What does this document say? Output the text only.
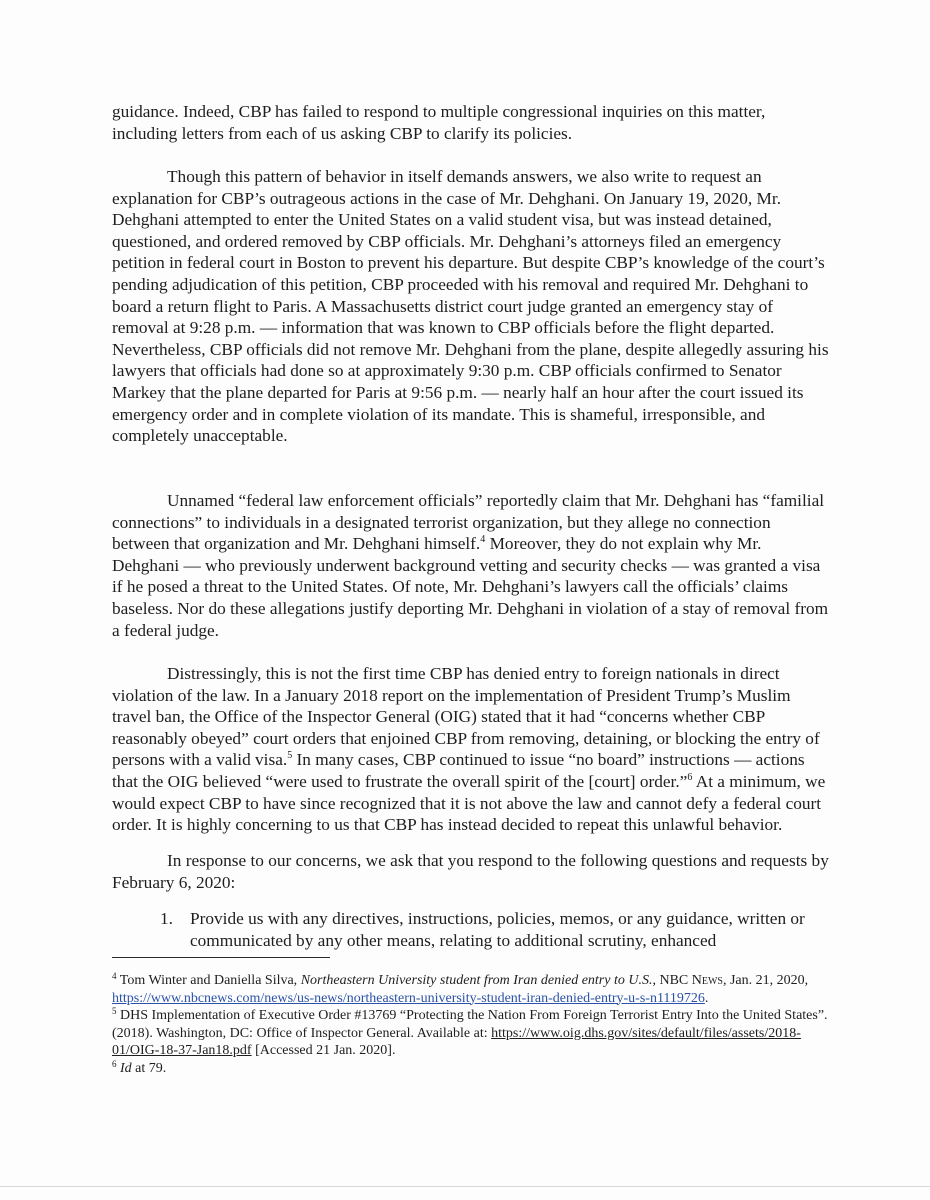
guidance. Indeed, CBP has failed to respond to multiple congressional inquiries on this matter, including letters from each of us asking CBP to clarify its policies.

Though this pattern of behavior in itself demands answers, we also write to request an explanation for CBP’s outrageous actions in the case of Mr. Dehghani. On January 19, 2020, Mr. Dehghani attempted to enter the United States on a valid student visa, but was instead detained, questioned, and ordered removed by CBP officials. Mr. Dehghani’s attorneys filed an emergency petition in federal court in Boston to prevent his departure. But despite CBP’s knowledge of the court’s pending adjudication of this petition, CBP proceeded with his removal and required Mr. Dehghani to board a return flight to Paris. A Massachusetts district court judge granted an emergency stay of removal at 9:28 p.m. — information that was known to CBP officials before the flight departed. Nevertheless, CBP officials did not remove Mr. Dehghani from the plane, despite allegedly assuring his lawyers that officials had done so at approximately 9:30 p.m. CBP officials confirmed to Senator Markey that the plane departed for Paris at 9:56 p.m. — nearly half an hour after the court issued its emergency order and in complete violation of its mandate. This is shameful, irresponsible, and completely unacceptable.

Unnamed “federal law enforcement officials” reportedly claim that Mr. Dehghani has “familial connections” to individuals in a designated terrorist organization, but they allege no connection between that organization and Mr. Dehghani himself.$^4$ Moreover, they do not explain why Mr. Dehghani — who previously underwent background vetting and security checks — was granted a visa if he posed a threat to the United States. Of note, Mr. Dehghani’s lawyers call the officials’ claims baseless. Nor do these allegations justify deporting Mr. Dehghani in violation of a stay of removal from a federal judge.

Distressingly, this is not the first time CBP has denied entry to foreign nationals in direct violation of the law. In a January 2018 report on the implementation of President Trump’s Muslim travel ban, the Office of the Inspector General (OIG) stated that it had “concerns whether CBP reasonably obeyed” court orders that enjoined CBP from removing, detaining, or blocking the entry of persons with a valid visa.$^5$ In many cases, CBP continued to issue “no board” instructions — actions that the OIG believed “were used to frustrate the overall spirit of the [court] order.”$^6$ At a minimum, we would expect CBP to have since recognized that it is not above the law and cannot defy a federal court order. It is highly concerning to us that CBP has instead decided to repeat this unlawful behavior.

In response to our concerns, we ask that you respond to the following questions and requests by February 6, 2020:

1. Provide us with any directives, instructions, policies, memos, or any guidance, written or communicated by any other means, relating to additional scrutiny, enhanced

$^4$ Tom Winter and Daniella Silva, Northeastern University student from Iran denied entry to U.S., NBC News, Jan. 21, 2020, https://www.nbcnews.com/news/us-news/northeastern-university-student-iran-denied-entry-u-s-n1119726.

$^5$ DHS Implementation of Executive Order #13769 “Protecting the Nation From Foreign Terrorist Entry Into the United States”. (2018). Washington, DC: Office of Inspector General. Available at: https://www.oig.dhs.gov/sites/default/files/assets/2018-01/OIG-18-37-Jan18.pdf [Accessed 21 Jan. 2020].

$^6$ Id at 79.
